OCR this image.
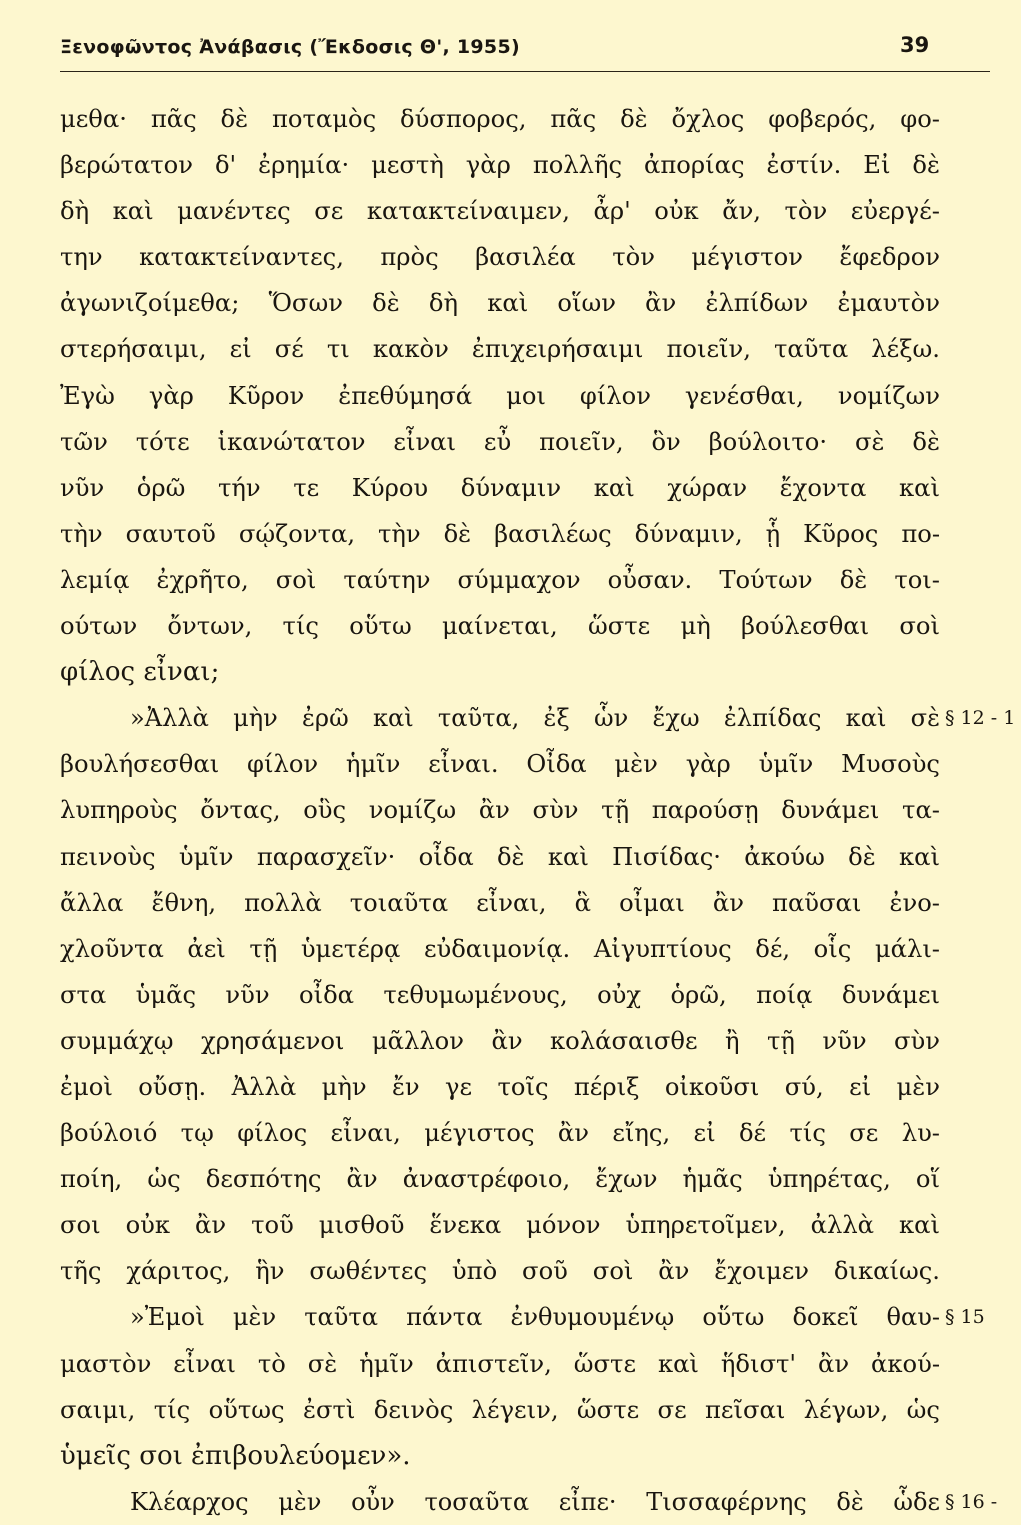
Ξενοφῶντος Ἀνάβασις (Ἔκδοσις Θ', 1955)	39
μεθα· πᾶς δὲ ποταμὸς δύσπορος, πᾶς δὲ ὄχλος φοβερός, φο-
βερώτατον δ' ἐρημία· μεστὴ γὰρ πολλῆς ἀπορίας ἐστίν. Εἰ δὲ
δὴ καὶ μανέντες σε κατακτείναιμεν, ἆρ' οὐκ ἄν, τὸν εὐεργέ-
την κατακτείναντες, πρὸς βασιλέα τὸν μέγιστον ἔφεδρον
ἀγωνιζοίμεθα; Ὅσων δὲ δὴ καὶ οἵων ἂν ἐλπίδων ἐμαυτὸν
στερήσαιμι, εἰ σέ τι κακὸν ἐπιχειρήσαιμι ποιεῖν, ταῦτα λέξω.
Ἐγὼ γὰρ Κῦρον ἐπεθύμησά μοι φίλον γενέσθαι, νομίζων
τῶν τότε ἱκανώτατον εἶναι εὖ ποιεῖν, ὃν βούλοιτο· σὲ δὲ
νῦν ὁρῶ τήν τε Κύρου δύναμιν καὶ χώραν ἔχοντα καὶ
τὴν σαυτοῦ σῴζοντα, τὴν δὲ βασιλέως δύναμιν, ᾗ Κῦρος πο-
λεμίᾳ ἐχρῆτο, σοὶ ταύτην σύμμαχον οὖσαν. Τούτων δὲ τοι-
ούτων ὄντων, τίς οὕτω μαίνεται, ὥστε μὴ βούλεσθαι σοὶ
φίλος εἶναι;
»Ἀλλὰ μὴν ἐρῶ καὶ ταῦτα, ἐξ ὧν ἔχω ἐλπίδας καὶ σὲ § 12 - 1
βουλήσεσθαι φίλον ἡμῖν εἶναι. Οἶδα μὲν γὰρ ὑμῖν Μυσοὺς
λυπηροὺς ὄντας, οὓς νομίζω ἂν σὺν τῇ παρούσῃ δυνάμει τα-
πεινοὺς ὑμῖν παρασχεῖν· οἶδα δὲ καὶ Πισίδας· ἀκούω δὲ καὶ
ἄλλα ἔθνη, πολλὰ τοιαῦτα εἶναι, ἃ οἶμαι ἂν παῦσαι ἐνο-
χλοῦντα ἀεὶ τῇ ὑμετέρᾳ εὐδαιμονίᾳ. Αἰγυπτίους δέ, οἷς μάλι-
στα ὑμᾶς νῦν οἶδα τεθυμωμένους, οὐχ ὁρῶ, ποίᾳ δυνάμει
συμμάχῳ χρησάμενοι μᾶλλον ἂν κολάσαισθε ἢ τῇ νῦν σὺν
ἐμοὶ οὔσῃ. Ἀλλὰ μὴν ἔν γε τοῖς πέριξ οἰκοῦσι σύ, εἰ μὲν
βούλοιό τῳ φίλος εἶναι, μέγιστος ἂν εἴης, εἰ δέ τίς σε λυ-
ποίη, ὡς δεσπότης ἂν ἀναστρέφοιο, ἔχων ἡμᾶς ὑπηρέτας, οἵ
σοι οὐκ ἂν τοῦ μισθοῦ ἕνεκα μόνον ὑπηρετοῖμεν, ἀλλὰ καὶ
τῆς χάριτος, ἣν σωθέντες ὑπὸ σοῦ σοὶ ἂν ἔχοιμεν δικαίως.
»Ἐμοὶ μὲν ταῦτα πάντα ἐνθυμουμένῳ οὕτω δοκεῖ θαυ- § 15
μαστὸν εἶναι τὸ σὲ ἡμῖν ἀπιστεῖν, ὥστε καὶ ἥδιστ' ἂν ἀκού-
σαιμι, τίς οὕτως ἐστὶ δεινὸς λέγειν, ὥστε σε πεῖσαι λέγων, ὡς
ὑμεῖς σοι ἐπιβουλεύομεν».
Κλέαρχος μὲν οὖν τοσαῦτα εἶπε· Τισσαφέρνης δὲ ὧδε § 16 -
